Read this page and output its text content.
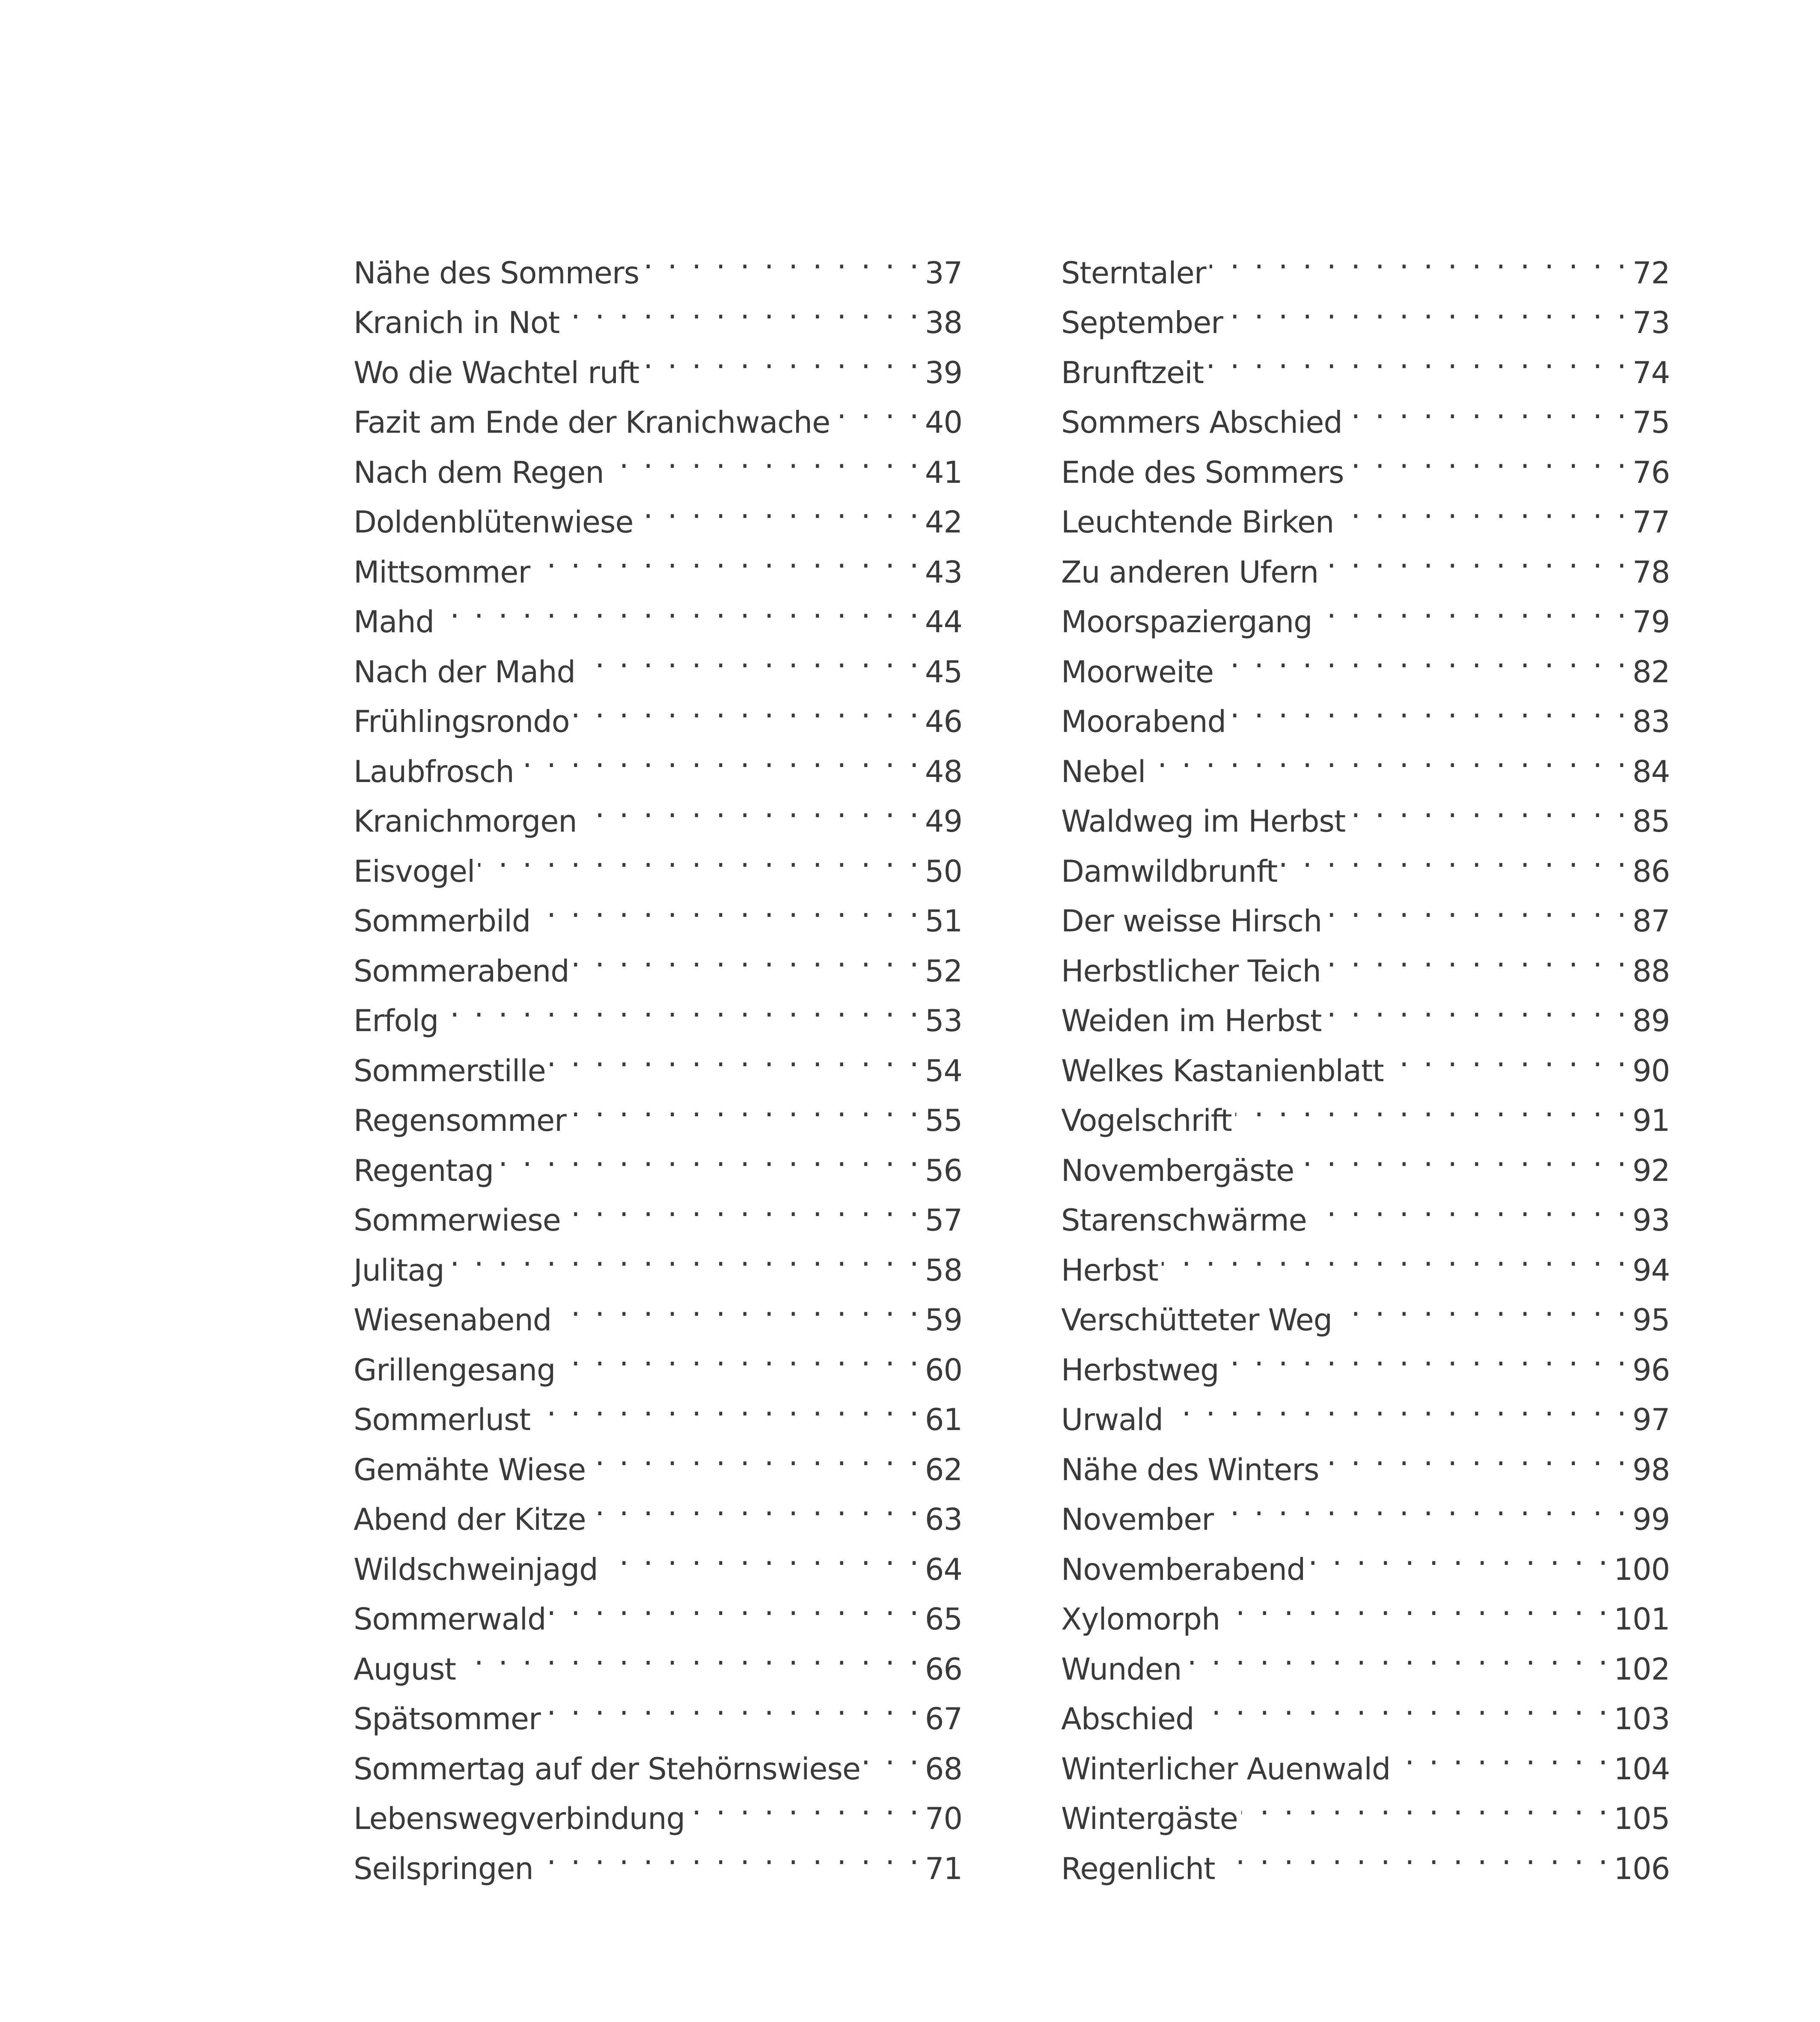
Nähe des Sommers . . .	37
Kranich in Not . . .	38
Wo die Wachtel ruft . . .	39
Fazit am Ende der Kranichwache . . .	40
Nach dem Regen . . .	41
Doldenblütenwiese . . .	42
Mittsommer . . .	43
Mahd . . .	44
Nach der Mahd . . .	45
Frühlingsrondo . . .	46
Laubfrosch . . .	48
Kranichmorgen . . .	49
Eisvogel . . .	50
Sommerbild . . .	51
Sommerabend . . .	52
Erfolg . . .	53
Sommerstille . . .	54
Regensommer . . .	55
Regentag . . .	56
Sommerwiese . . .	57
Julitag . . .	58
Wiesenabend . . .	59
Grillengesang . . .	60
Sommerlust . . .	61
Gemähte Wiese . . .	62
Abend der Kitze . . .	63
Wildschweinjagd . . .	64
Sommerwald . . .	65
August . . .	66
Spätsommer . . .	67
Sommertag auf der Stehörnswiese . . . 68
Lebenswegverbindung . . .	70
Seilspringen . . .	71
Sterntaler . . .	72
September . . .	73
Brunftzeit . . .	74
Sommers Abschied . . .	75
Ende des Sommers . . .	76
Leuchtende Birken . . .	77
Zu anderen Ufern . . .	78
Moorspaziergang . . .	79
Moorweite . . .	82
Moorabend . . .	83
Nebel . . .	84
Waldweg im Herbst . . .	85
Damwildbrunft . . .	86
Der weisse Hirsch . . .	87
Herbstlicher Teich . . .	88
Weiden im Herbst . . .	89
Welkes Kastanienblatt . . .	90
Vogelschrift . . .	91
Novembergäste . . .	92
Starenschwärme . . .	93
Herbst . . .	94
Verschütteter Weg . . .	95
Herbstweg . . .	96
Urwald . . .	97
Nähe des Winters . . .	98
November . . .	99
Novemberabend . . .	100
Xylomorph . . .	101
Wunden . . .	102
Abschied . . .	103
Winterlicher Auenwald . . .	104
Wintergäste . . .	105
Regenlicht . . .	106
